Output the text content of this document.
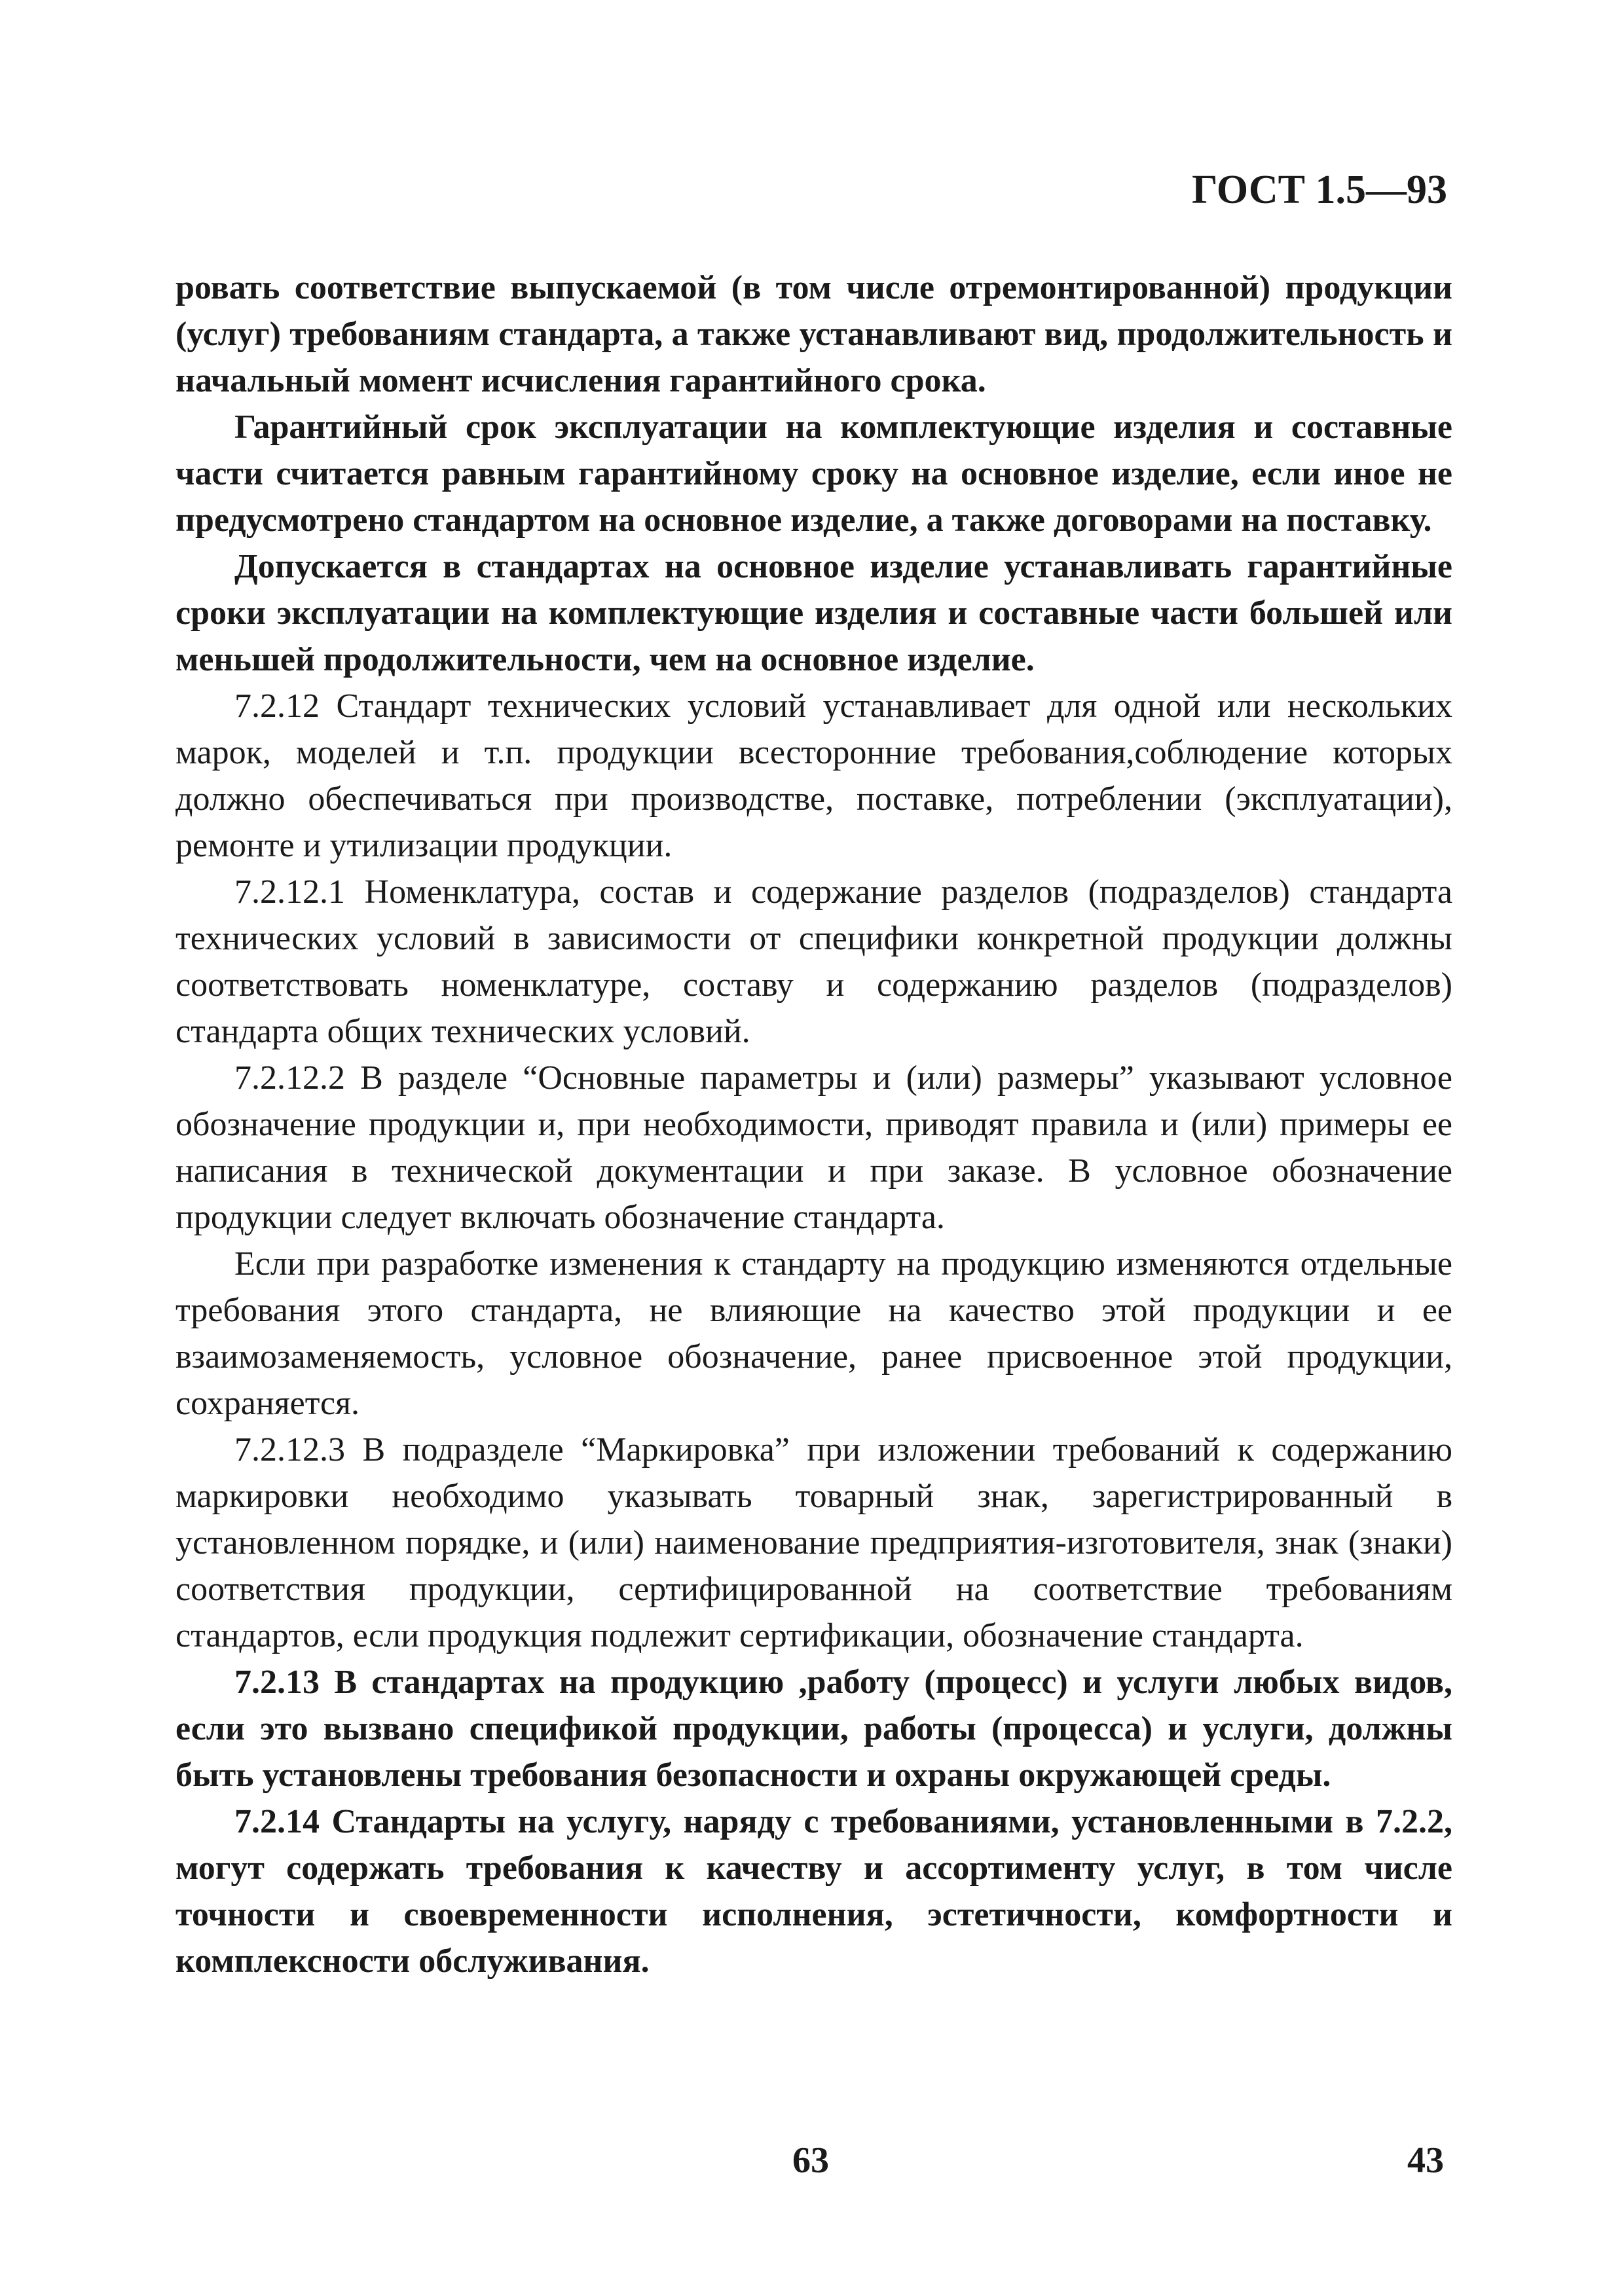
ГОСТ 1.5—93

ровать соответствие выпускаемой (в том числе отремонтированной) продукции (услуг) требованиям стандарта, а также устанавливают вид, продолжительность и начальный момент исчисления гарантийного срока.

Гарантийный срок эксплуатации на комплектующие изделия и составные части считается равным гарантийному сроку на основное изделие, если иное не предусмотрено стандартом на основное изделие, а также договорами на поставку.

Допускается в стандартах на основное изделие устанавливать гарантийные сроки эксплуатации на комплектующие изделия и составные части большей или меньшей продолжительности, чем на основное изделие.

7.2.12 Стандарт технических условий устанавливает для одной или нескольких марок, моделей и т.п. продукции всесторонние требования,соблюдение которых должно обеспечиваться при производстве, поставке, потреблении (эксплуатации), ремонте и утилизации продукции.

7.2.12.1 Номенклатура, состав и содержание разделов (подразделов) стандарта технических условий в зависимости от специфики конкретной продукции должны соответствовать номенклатуре, составу и содержанию разделов (подразделов) стандарта общих технических условий.

7.2.12.2 В разделе “Основные параметры и (или) размеры” указывают условное обозначение продукции и, при необходимости, приводят правила и (или) примеры ее написания в технической документации и при заказе. В условное обозначение продукции следует включать обозначение стандарта.

Если при разработке изменения к стандарту на продукцию изменяются отдельные требования этого стандарта, не влияющие на качество этой продукции и ее взаимозаменяемость, условное обозначение, ранее присвоенное этой продукции, сохраняется.

7.2.12.3 В подразделе “Маркировка” при изложении требований к содержанию маркировки необходимо указывать товарный знак, зарегистрированный в установленном порядке, и (или) наименование предприятия-изготовителя, знак (знаки) соответствия продукции, сертифицированной на соответствие требованиям стандартов, если продукция подлежит сертификации, обозначение стандарта.

7.2.13 В стандартах на продукцию ,работу (процесс) и услуги любых видов, если это вызвано спецификой продукции, работы (процесса) и услуги, должны быть установлены требования безопасности и охраны окружающей среды.

7.2.14 Стандарты на услугу, наряду с требованиями, установленными в 7.2.2, могут содержать требования к качеству и ассортименту услуг, в том числе точности и своевременности исполнения, эстетичности, комфортности и комплексности обслуживания.

63	43
